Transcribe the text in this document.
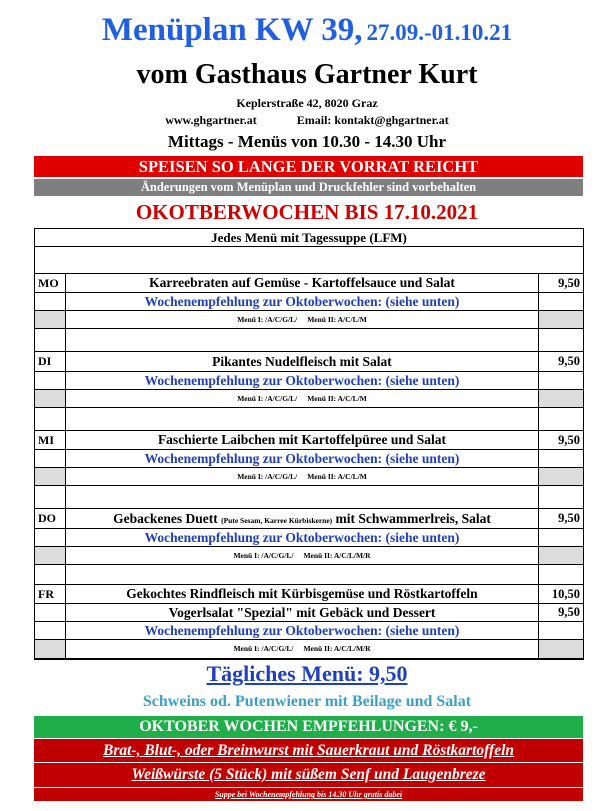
Menüplan KW 39, 27.09.-01.10.21
vom Gasthaus Gartner Kurt
Keplerstraße 42, 8020 Graz
www.ghgartner.at	Email: kontakt@ghgartner.at
Mittags - Menüs von 10.30 - 14.30 Uhr
SPEISEN SO LANGE DER VORRAT REICHT
Änderungen vom Menüplan und Druckfehler sind vorbehalten
OKOTBERWOCHEN BIS 17.10.2021
Jedes Menü mit Tagessuppe (LFM)
MO	Karreebraten auf Gemüse - Kartoffelsauce und Salat	9,50
Wochenempfehlung zur Oktoberwochen: (siehe unten)
Menü I: /A/C/G/L/ Menü II: A/C/L/M
DI	Pikantes Nudelfleisch mit Salat	9,50
Wochenempfehlung zur Oktoberwochen: (siehe unten)
Menü I: /A/C/G/L/ Menü II: A/C/L/M
MI	Faschierte Laibchen mit Kartoffelpüree und Salat	9,50
Wochenempfehlung zur Oktoberwochen: (siehe unten)
Menü I: /A/C/G/L/ Menü II: A/C/L/M
DO	Gebackenes Duett (Pute Sesam, Karree Kürbiskerne) mit Schwammerlreis, Salat	9,50
Wochenempfehlung zur Oktoberwochen: (siehe unten)
Menü I: /A/C/G/L/ Menü II: A/C/L/M/R
FR	Gekochtes Rindfleisch mit Kürbisgemüse und Röstkartoffeln	10,50
Vogerlsalat "Spezial" mit Gebäck und Dessert	9,50
Wochenempfehlung zur Oktoberwochen: (siehe unten)
Menü I: /A/C/G/L/ Menü II: A/C/L/M/R
Tägliches Menü: 9,50
Schweins od. Putenwiener mit Beilage und Salat
OKTOBER WOCHEN EMPFEHLUNGEN: € 9,-
Brat-, Blut-, oder Breinwurst mit Sauerkraut und Röstkartoffeln
Weißwürste (5 Stück) mit süßem Senf und Laugenbreze
Suppe bei Wochenempfehlung bis 14.30 Uhr gratis dabei
